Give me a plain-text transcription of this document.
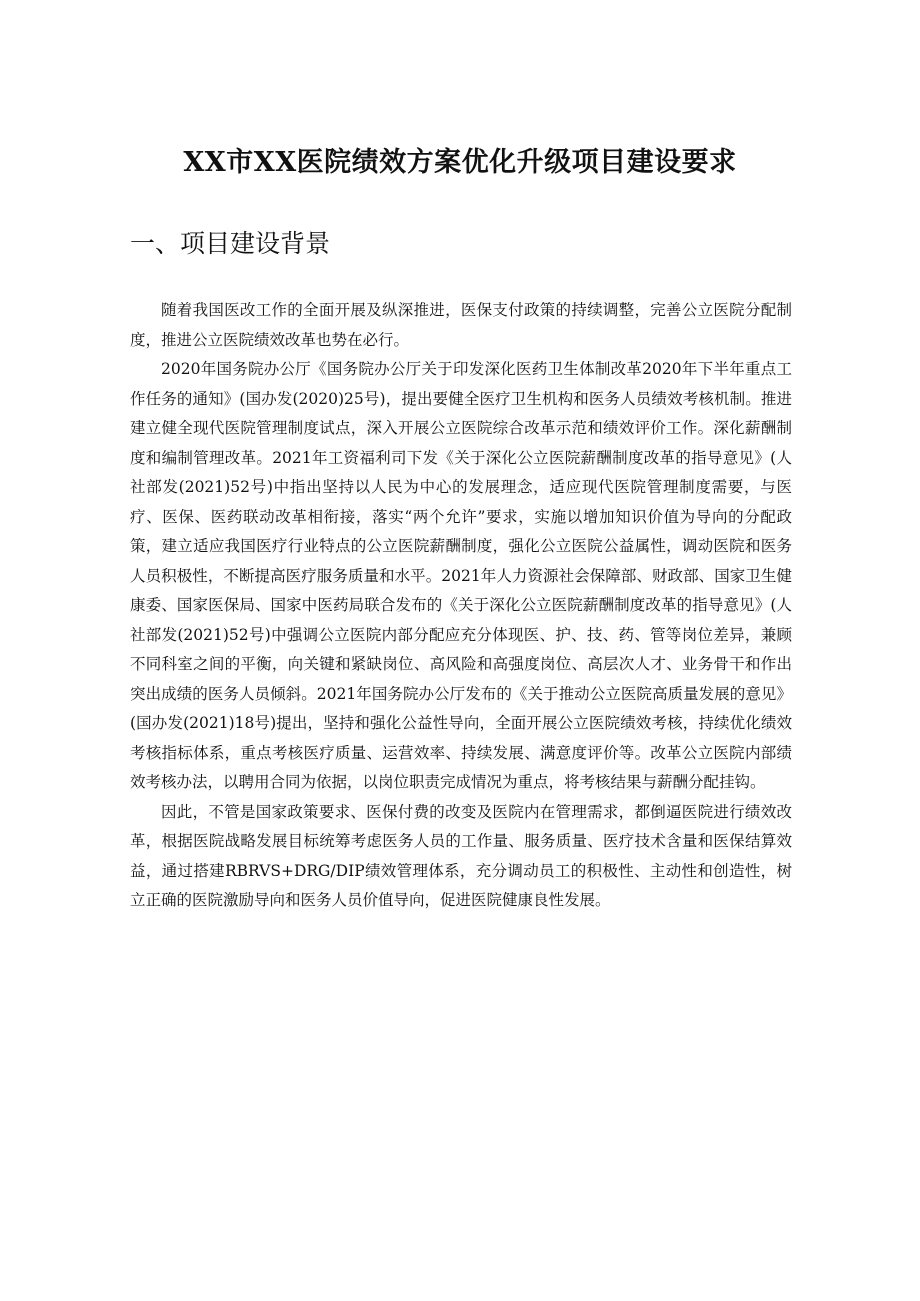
XX市XX医院绩效方案优化升级项目建设要求
一、项目建设背景

随着我国医改工作的全面开展及纵深推进，医保支付政策的持续调整，完善公立医院分配制度，推进公立医院绩效改革也势在必行。

2020年国务院办公厅《国务院办公厅关于印发深化医药卫生体制改革2020年下半年重点工作任务的通知》(国办发(2020)25号)，提出要健全医疗卫生机构和医务人员绩效考核机制。推进建立健全现代医院管理制度试点，深入开展公立医院综合改革示范和绩效评价工作。深化薪酬制度和编制管理改革。2021年工资福利司下发《关于深化公立医院薪酬制度改革的指导意见》(人社部发(2021)52号)中指出坚持以人民为中心的发展理念，适应现代医院管理制度需要，与医疗、医保、医药联动改革相衔接，落实“两个允许”要求，实施以增加知识价值为导向的分配政策，建立适应我国医疗行业特点的公立医院薪酬制度，强化公立医院公益属性，调动医院和医务人员积极性，不断提高医疗服务质量和水平。2021年人力资源社会保障部、财政部、国家卫生健康委、国家医保局、国家中医药局联合发布的《关于深化公立医院薪酬制度改革的指导意见》(人社部发(2021)52号)中强调公立医院内部分配应充分体现医、护、技、药、管等岗位差异，兼顾不同科室之间的平衡，向关键和紧缺岗位、高风险和高强度岗位、高层次人才、业务骨干和作出突出成绩的医务人员倾斜。2021年国务院办公厅发布的《关于推动公立医院高质量发展的意见》(国办发(2021)18号)提出，坚持和强化公益性导向，全面开展公立医院绩效考核，持续优化绩效考核指标体系，重点考核医疗质量、运营效率、持续发展、满意度评价等。改革公立医院内部绩效考核办法，以聘用合同为依据，以岗位职责完成情况为重点，将考核结果与薪酬分配挂钩。

因此，不管是国家政策要求、医保付费的改变及医院内在管理需求，都倒逼医院进行绩效改革，根据医院战略发展目标统筹考虑医务人员的工作量、服务质量、医疗技术含量和医保结算效益，通过搭建RBRVS+DRG/DIP绩效管理体系，充分调动员工的积极性、主动性和创造性，树立正确的医院激励导向和医务人员价值导向，促进医院健康良性发展。
